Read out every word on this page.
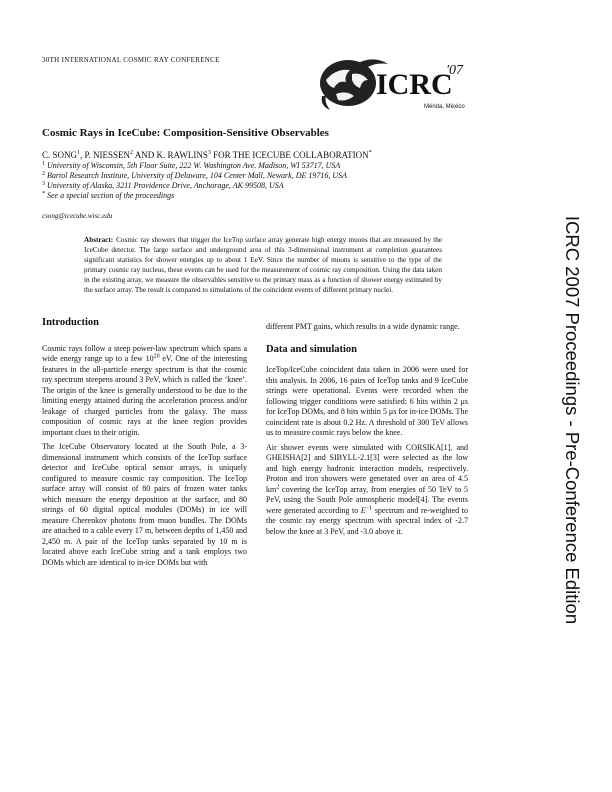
30TH INTERNATIONAL COSMIC RAY CONFERENCE
ICRC
'07
Mérida, México
ICRC 2007 Proceedings - Pre-Conference Edition
Cosmic Rays in IceCube: Composition-Sensitive Observables
C. SONG$^1$, P. NIESSEN$^2$ AND K. RAWLINS$^3$ FOR THE ICECUBE COLLABORATION*
$^1$ University of Wisconsin, 5th Floor Suite, 222 W. Washington Ave. Madison, WI 53717, USA
$^2$ Bartol Research Institute, University of Delaware, 104 Center Mall, Newark, DE 19716, USA
$^3$ University of Alaska, 3211 Providence Drive, Anchorage, AK 99508, USA
* See a special section of the proceedings
csong@icecube.wisc.edu
Abstract: Cosmic ray showers that trigger the IceTop surface array generate high energy muons that are measured by the IceCube detector. The large surface and underground area of this 3-dimensional instrument at completion guarantees significant statistics for shower energies up to about 1 EeV. Since the number of muons is sensitive to the type of the primary cosmic ray nucleus, these events can be used for the measurement of cosmic ray composition. Using the data taken in the existing array, we measure the observables sensitive to the primary mass as a function of shower energy estimated by the surface array. The result is compared to simulations of the coincident events of different primary nuclei.
Introduction

Cosmic rays follow a steep power-law spectrum which spans a wide energy range up to a few $10^{20}$ eV. One of the interesting features in the all-particle energy spectrum is that the cosmic ray spectrum steepens around 3 PeV, which is called the ‘knee’. The origin of the knee is generally understood to be due to the limiting energy attained during the acceleration process and/or leakage of charged particles from the galaxy. The mass composition of cosmic rays at the knee region provides important clues to their origin.

The IceCube Observatory located at the South Pole, a 3-dimensional instrument which consists of the IceTop surface detector and IceCube optical sensor arrays, is uniquely configured to measure cosmic ray composition. The IceTop surface array will consist of 80 pairs of frozen water tanks which measure the energy deposition at the surface, and 80 strings of 60 digital optical modules (DOMs) in ice will measure Cherenkov photons from muon bundles. The DOMs are attached to a cable every 17 m, between depths of 1,450 and 2,450 m. A pair of the IceTop tanks separated by 10 m is located above each IceCube string and a tank employs two DOMs which are identical to in-ice DOMs but with

different PMT gains, which results in a wide dynamic range.

Data and simulation

IceTop/IceCube coincident data taken in 2006 were used for this analysis. In 2006, 16 pairs of IceTop tanks and 9 IceCube strings were operational. Events were recorded when the following trigger conditions were satisfied: 6 hits within 2 μs for IceTop DOMs, and 8 hits within 5 μs for in-ice DOMs. The coincident rate is about 0.2 Hz. A threshold of 300 TeV allows us to measure cosmic rays below the knee.

Air shower events were simulated with CORSIKA[1], and GHEISHA[2] and SIBYLL-2.1[3] were selected as the low and high energy hadronic interaction models, respectively. Proton and iron showers were generated over an area of 4.5 $km^2$ covering the IceTop array, from energies of 50 TeV to 5 PeV, using the South Pole atmospheric model[4]. The events were generated according to $E^{-1}$ spectrum and re-weighted to the cosmic ray energy spectrum with spectral index of -2.7 below the knee at 3 PeV, and -3.0 above it.
